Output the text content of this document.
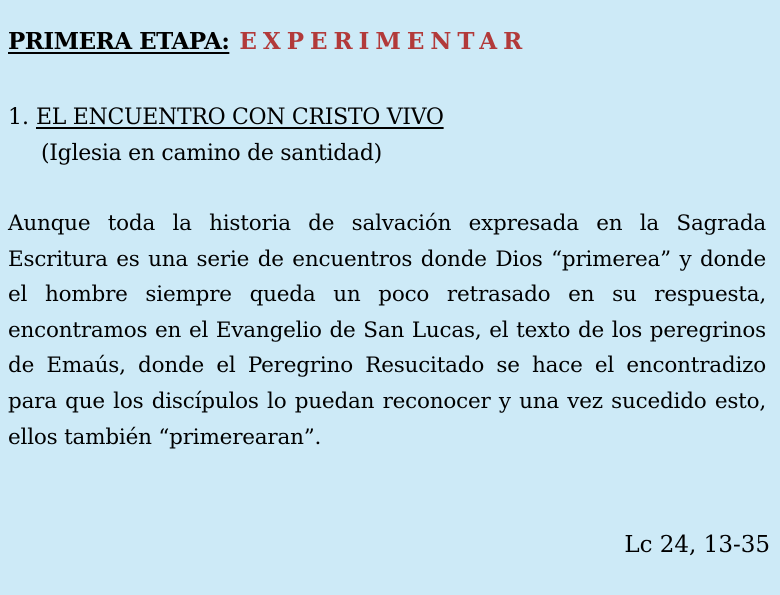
PRIMERA ETAPA: EXPERIMENTAR
1. EL ENCUENTRO CON CRISTO VIVO
(Iglesia en camino de santidad)

Aunque toda la historia de salvación expresada en la Sagrada Escritura es una serie de encuentros donde Dios “primerea” y donde el hombre siempre queda un poco retrasado en su respuesta, encontramos en el Evangelio de San Lucas, el texto de los peregrinos de Emaús, donde el Peregrino Resucitado se hace el encontradizo para que los discípulos lo puedan reconocer y una vez sucedido esto, ellos también “primerearan”.

Lc 24, 13-35
